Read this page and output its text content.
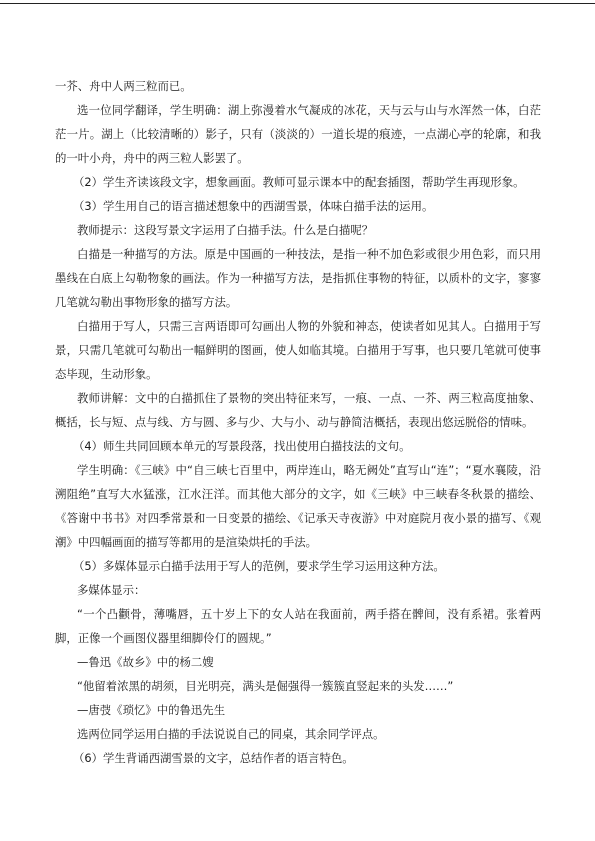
一芥、舟中人两三粒而已。

选一位同学翻译，学生明确：湖上弥漫着水气凝成的冰花，天与云与山与水浑然一体，白茫茫一片。湖上（比较清晰的）影子，只有（淡淡的）一道长堤的痕迹，一点湖心亭的轮廓，和我的一叶小舟，舟中的两三粒人影罢了。

（2）学生齐读该段文字，想象画面。教师可显示课本中的配套插图，帮助学生再现形象。

（3）学生用自己的语言描述想象中的西湖雪景，体味白描手法的运用。

教师提示：这段写景文字运用了白描手法。什么是白描呢？

白描是一种描写的方法。原是中国画的一种技法，是指一种不加色彩或很少用色彩，而只用墨线在白底上勾勒物象的画法。作为一种描写方法，是指抓住事物的特征，以质朴的文字，寥寥几笔就勾勒出事物形象的描写方法。

白描用于写人，只需三言两语即可勾画出人物的外貌和神态，使读者如见其人。白描用于写景，只需几笔就可勾勒出一幅鲜明的图画，使人如临其境。白描用于写事，也只要几笔就可使事态毕现，生动形象。

教师讲解：文中的白描抓住了景物的突出特征来写，一痕、一点、一芥、两三粒高度抽象、概括，长与短、点与线、方与圆、多与少、大与小、动与静简洁概括，表现出悠远脱俗的情味。

（4）师生共同回顾本单元的写景段落，找出使用白描技法的文句。

学生明确：《三峡》中“自三峡七百里中，两岸连山，略无阙处”直写山“连”；“夏水襄陵，沿溯阻绝”直写大水猛涨，江水汪洋。而其他大部分的文字，如《三峡》中三峡春冬秋景的描绘、《答谢中书书》对四季常景和一日变景的描绘、《记承天寺夜游》中对庭院月夜小景的描写、《观潮》中四幅画面的描写等都用的是渲染烘托的手法。

（5）多媒体显示白描手法用于写人的范例，要求学生学习运用这种方法。

多媒体显示：

“一个凸颧骨，薄嘴唇，五十岁上下的女人站在我面前，两手搭在髀间，没有系裙。张着两脚，正像一个画图仪器里细脚伶仃的圆规。”

—鲁迅《故乡》中的杨二嫂

“他留着浓黑的胡须，目光明亮，满头是倔强得一簇簇直竖起来的头发……”

—唐弢《琐忆》中的鲁迅先生

选两位同学运用白描的手法说说自己的同桌，其余同学评点。

（6）学生背诵西湖雪景的文字，总结作者的语言特色。
